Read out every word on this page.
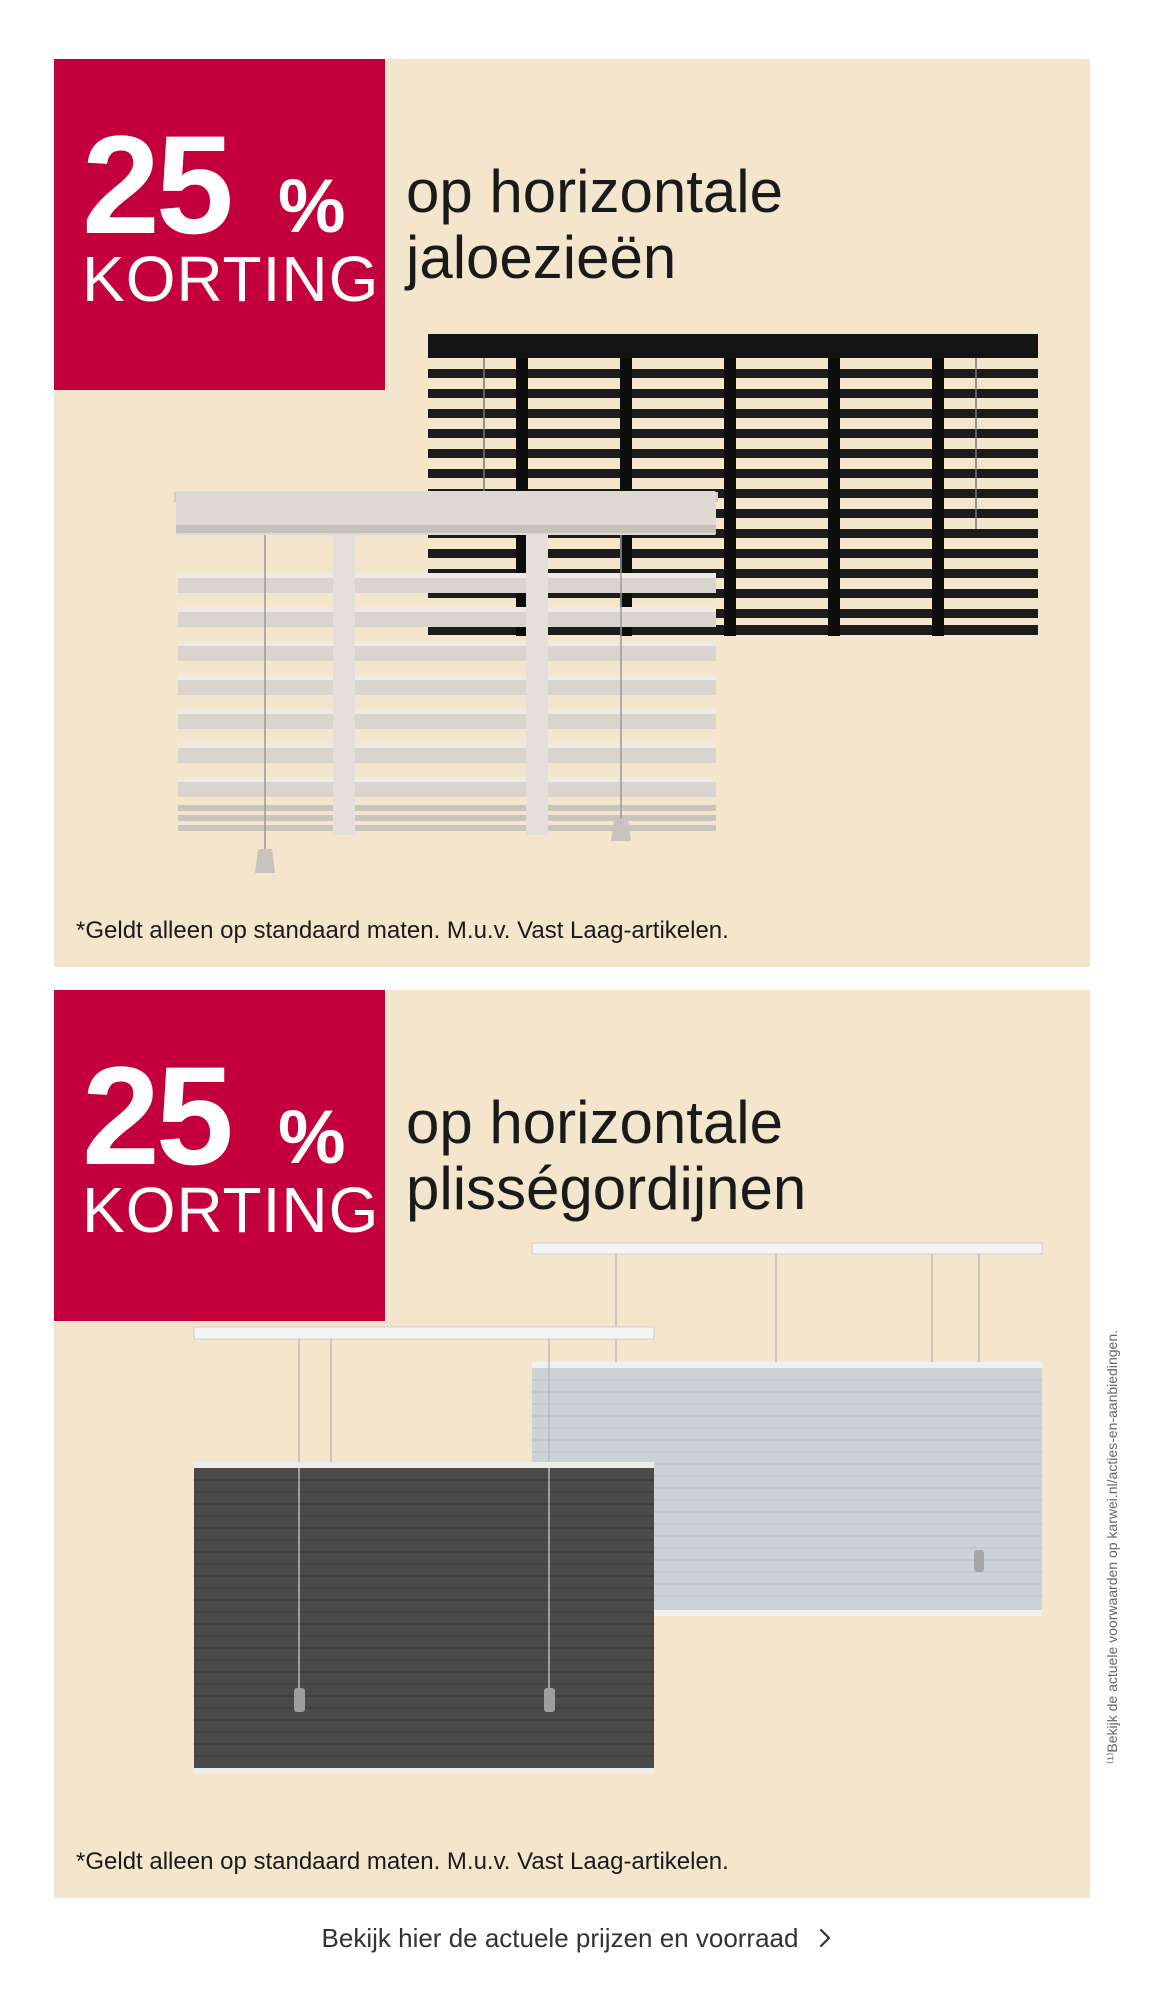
25 %
KORTING
op horizontale
jaloezieën
*Geldt alleen op standaard maten. M.u.v. Vast Laag-artikelen.
25 %
KORTING
op horizontale
plisségordijnen
*Geldt alleen op standaard maten. M.u.v. Vast Laag-artikelen.
⁽¹⁾Bekijk de actuele voorwaarden op karwei.nl/acties-en-aanbiedingen.
Bekijk hier de actuele prijzen en voorraad
